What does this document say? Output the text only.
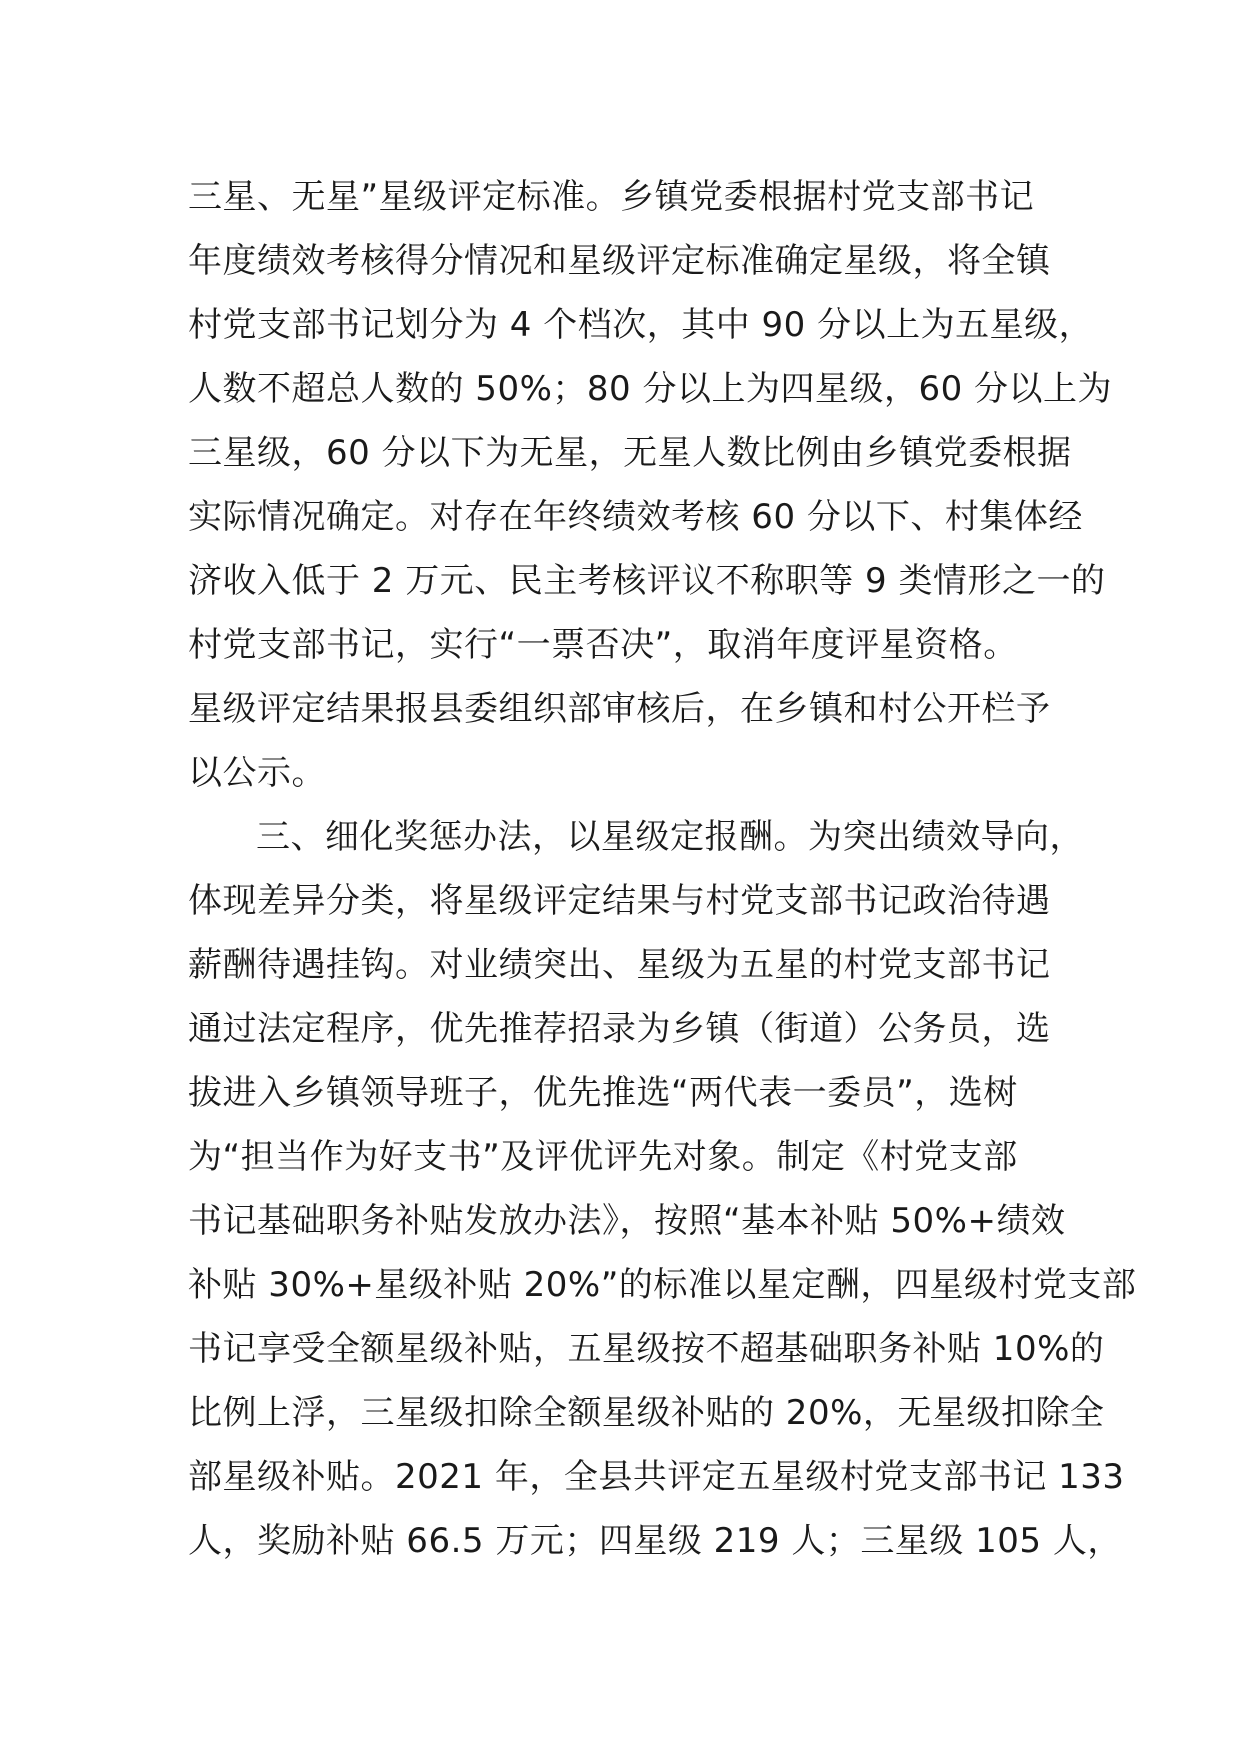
三星、无星”星级评定标准。乡镇党委根据村党支部书记
年度绩效考核得分情况和星级评定标准确定星级，将全镇
村党支部书记划分为 4 个档次，其中 90 分以上为五星级，
人数不超总人数的 50%；80 分以上为四星级，60 分以上为
三星级，60 分以下为无星，无星人数比例由乡镇党委根据
实际情况确定。对存在年终绩效考核 60 分以下、村集体经
济收入低于 2 万元、民主考核评议不称职等 9 类情形之一的
村党支部书记，实行“一票否决”，取消年度评星资格。
星级评定结果报县委组织部审核后，在乡镇和村公开栏予
以公示。
三、细化奖惩办法，以星级定报酬。为突出绩效导向，
体现差异分类，将星级评定结果与村党支部书记政治待遇
薪酬待遇挂钩。对业绩突出、星级为五星的村党支部书记
通过法定程序，优先推荐招录为乡镇（街道）公务员，选
拔进入乡镇领导班子，优先推选“两代表一委员”，选树
为“担当作为好支书”及评优评先对象。制定《村党支部
书记基础职务补贴发放办法》，按照“基本补贴 50%+绩效
补贴 30%+星级补贴 20%”的标准以星定酬，四星级村党支部
书记享受全额星级补贴，五星级按不超基础职务补贴 10%的
比例上浮，三星级扣除全额星级补贴的 20%，无星级扣除全
部星级补贴。2021 年，全县共评定五星级村党支部书记 133
人，奖励补贴 66.5 万元；四星级 219 人；三星级 105 人，
